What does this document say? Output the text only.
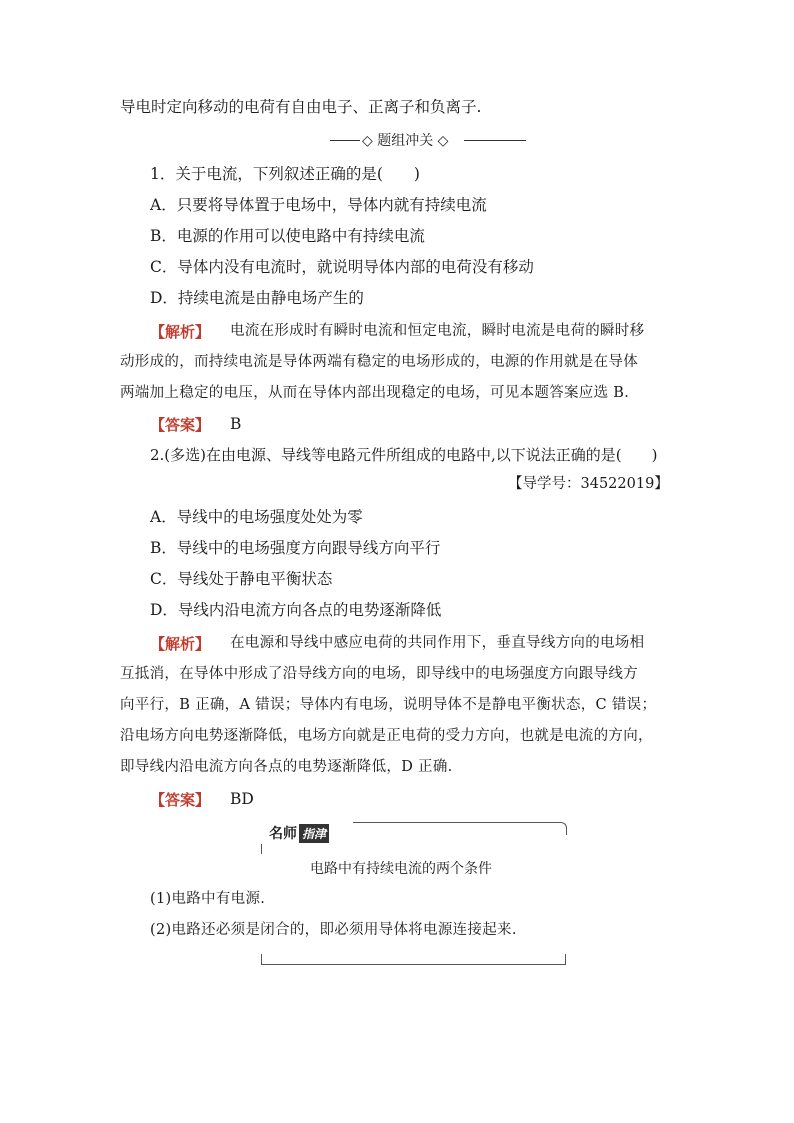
导电时定向移动的电荷有自由电子、正离子和负离子.
◇ 题组冲关 ◇
1．关于电流，下列叙述正确的是(　　)
A．只要将导体置于电场中，导体内就有持续电流
B．电源的作用可以使电路中有持续电流
C．导体内没有电流时，就说明导体内部的电荷没有移动
D．持续电流是由静电场产生的
【解析】 电流在形成时有瞬时电流和恒定电流，瞬时电流是电荷的瞬时移
动形成的，而持续电流是导体两端有稳定的电场形成的，电源的作用就是在导体
两端加上稳定的电压，从而在导体内部出现稳定的电场，可见本题答案应选 B.
【答案】 B
2.(多选)在由电源、导线等电路元件所组成的电路中,以下说法正确的是(　　)
【导学号：34522019】
A．导线中的电场强度处处为零
B．导线中的电场强度方向跟导线方向平行
C．导线处于静电平衡状态
D．导线内沿电流方向各点的电势逐渐降低
【解析】 在电源和导线中感应电荷的共同作用下，垂直导线方向的电场相
互抵消，在导体中形成了沿导线方向的电场，即导线中的电场强度方向跟导线方
向平行，B 正确，A 错误；导体内有电场，说明导体不是静电平衡状态，C 错误；
沿电场方向电势逐渐降低，电场方向就是正电荷的受力方向，也就是电流的方向，
即导线内沿电流方向各点的电势逐渐降低，D 正确.
【答案】 BD
名师 指津
电路中有持续电流的两个条件
(1)电路中有电源.
(2)电路还必须是闭合的，即必须用导体将电源连接起来.
